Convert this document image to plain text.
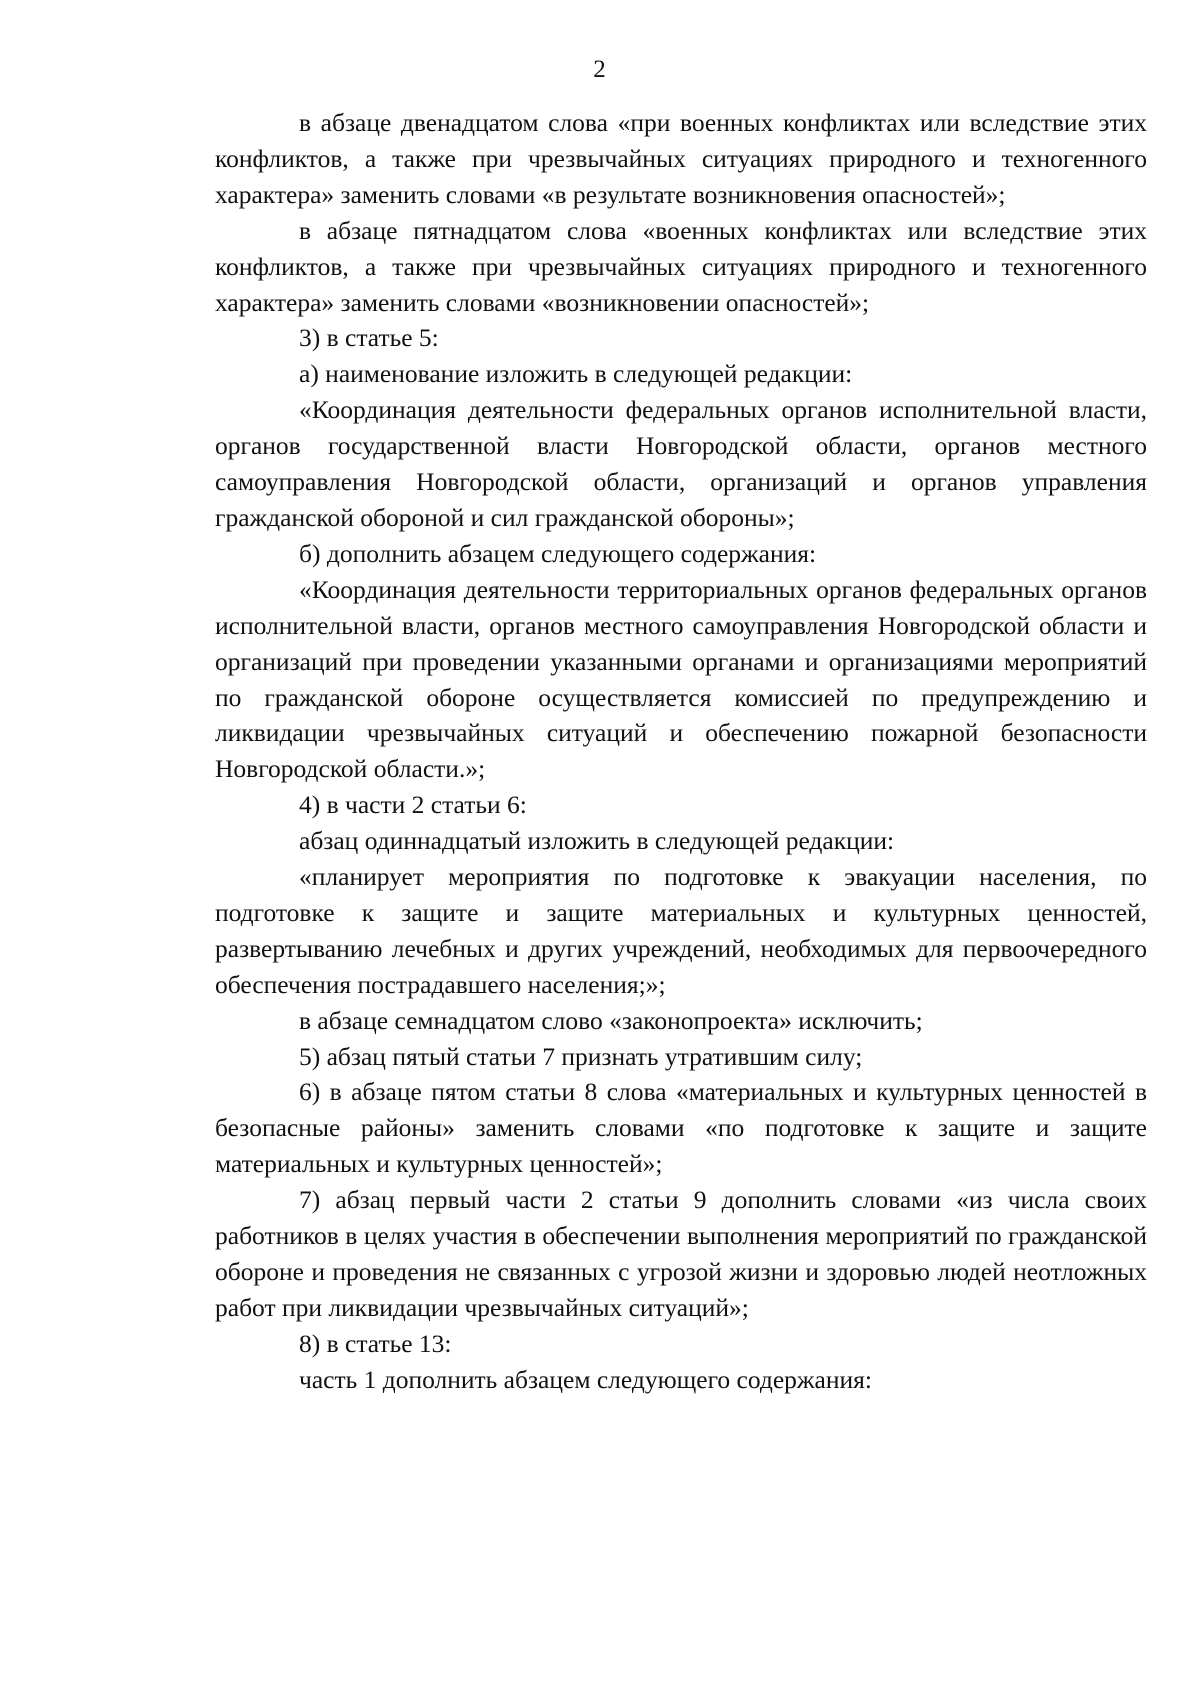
2

в абзаце двенадцатом слова «при военных конфликтах или вследствие этих конфликтов, а также при чрезвычайных ситуациях природного и техногенного характера» заменить словами «в результате возникновения опасностей»;

в абзаце пятнадцатом слова «военных конфликтах или вследствие этих конфликтов, а также при чрезвычайных ситуациях природного и техногенного характера» заменить словами «возникновении опасностей»;

3) в статье 5:

а) наименование изложить в следующей редакции:

«Координация деятельности федеральных органов исполнительной власти, органов государственной власти Новгородской области, органов местного самоуправления Новгородской области, организаций и органов управления гражданской обороной и сил гражданской обороны»;

б) дополнить абзацем следующего содержания:

«Координация деятельности территориальных органов федеральных органов исполнительной власти, органов местного самоуправления Новгородской области и организаций при проведении указанными органами и организациями мероприятий по гражданской обороне осуществляется комиссией по предупреждению и ликвидации чрезвычайных ситуаций и обеспечению пожарной безопасности Новгородской области.»;

4) в части 2 статьи 6:

абзац одиннадцатый изложить в следующей редакции:

«планирует мероприятия по подготовке к эвакуации населения, по подготовке к защите и защите материальных и культурных ценностей, развертыванию лечебных и других учреждений, необходимых для первоочередного обеспечения пострадавшего населения;»;

в абзаце семнадцатом слово «законопроекта» исключить;

5) абзац пятый статьи 7 признать утратившим силу;

6) в абзаце пятом статьи 8 слова «материальных и культурных ценностей в безопасные районы» заменить словами «по подготовке к защите и защите материальных и культурных ценностей»;

7) абзац первый части 2 статьи 9 дополнить словами «из числа своих работников в целях участия в обеспечении выполнения мероприятий по гражданской обороне и проведения не связанных с угрозой жизни и здоровью людей неотложных работ при ликвидации чрезвычайных ситуаций»;

8) в статье 13:

часть 1 дополнить абзацем следующего содержания:
